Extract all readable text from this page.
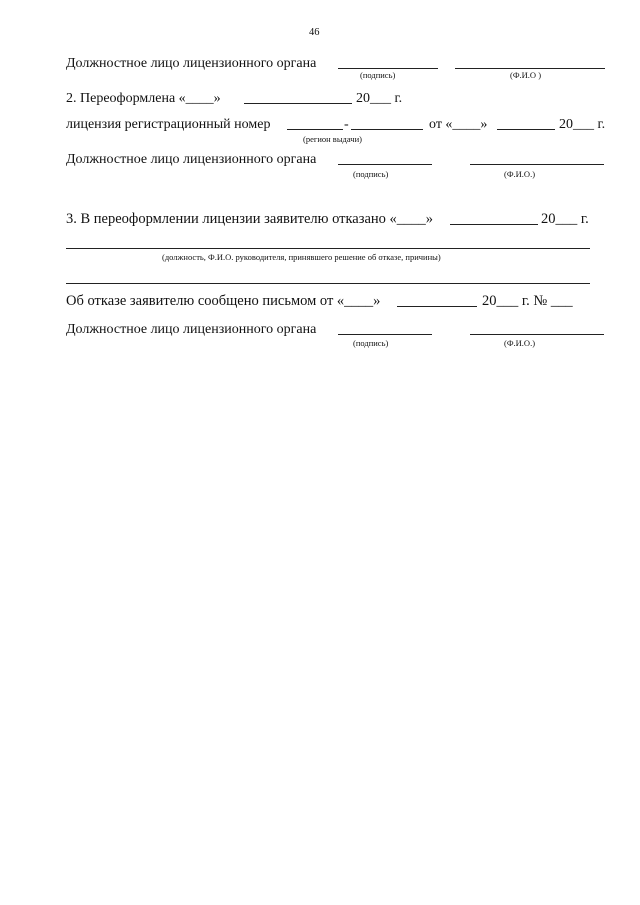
46
Должностное лицо лицензионного органа
(подпись)	(Ф.И.О )
2. Переоформлена «____»	20___ г.
лицензия регистрационный номер	-	от «____»	20___ г.
(регион выдачи)
Должностное лицо лицензионного органа
(подпись)	(Ф.И.О.)
3. В переоформлении лицензии заявителю отказано «____»	20___ г.
(должность, Ф.И.О. руководителя, принявшего решение об отказе, причины)
Об отказе заявителю сообщено письмом от «____»	20___ г. № ___
Должностное лицо лицензионного органа
(подпись)	(Ф.И.О.)
